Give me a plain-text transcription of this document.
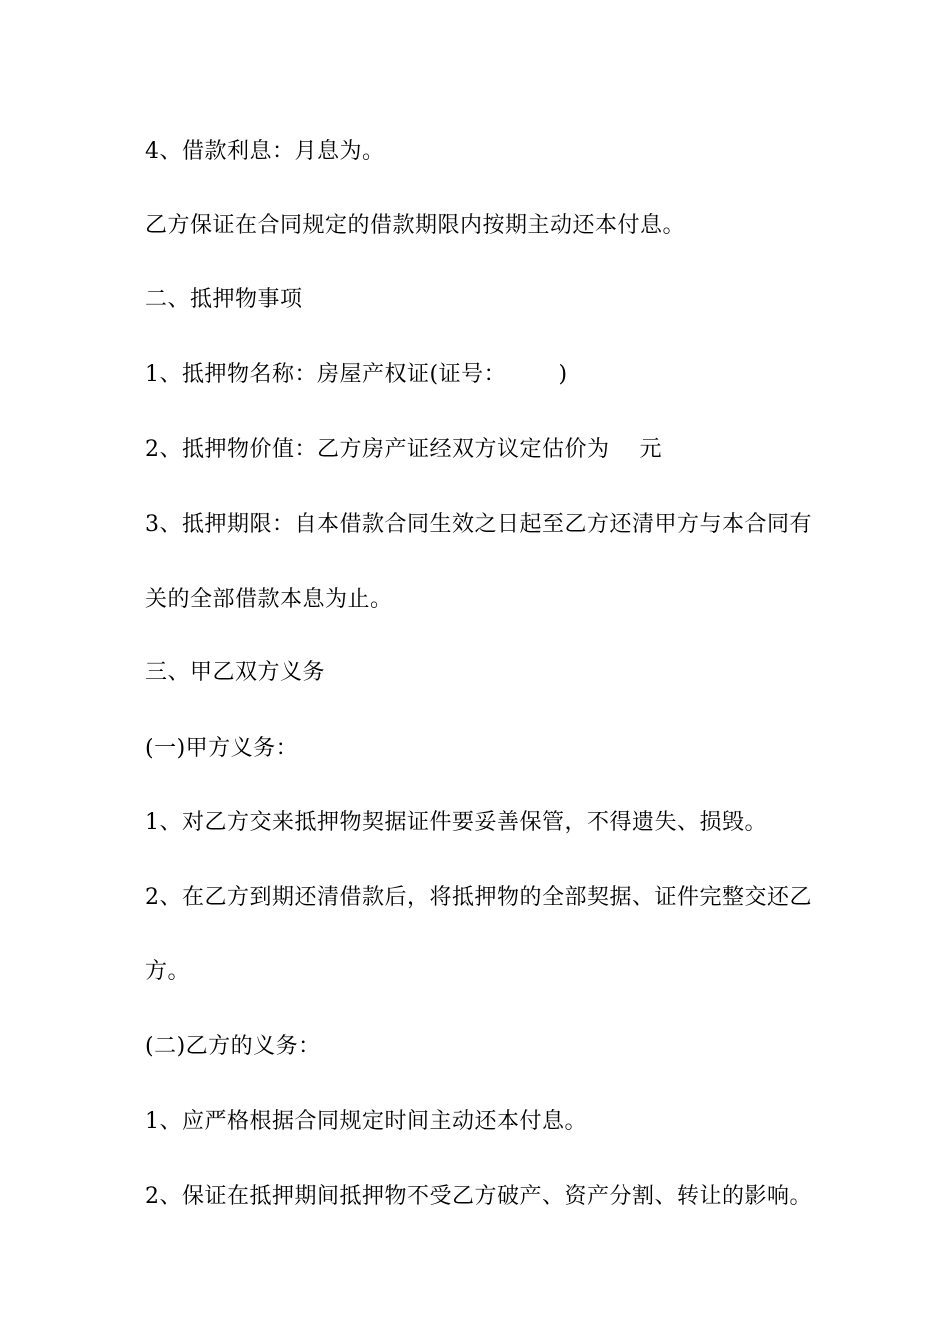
4、借款利息：月息为。
乙方保证在合同规定的借款期限内按期主动还本付息。
二、抵押物事项
1、抵押物名称：房屋产权证(证号：       )
2、抵押物价值：乙方房产证经双方议定估价为    元
3、抵押期限：自本借款合同生效之日起至乙方还清甲方与本合同有
关的全部借款本息为止。
三、甲乙双方义务
(一)甲方义务：
1、对乙方交来抵押物契据证件要妥善保管，不得遗失、损毁。
2、在乙方到期还清借款后，将抵押物的全部契据、证件完整交还乙
方。
(二)乙方的义务：
1、应严格根据合同规定时间主动还本付息。
2、保证在抵押期间抵押物不受乙方破产、资产分割、转让的影响。
